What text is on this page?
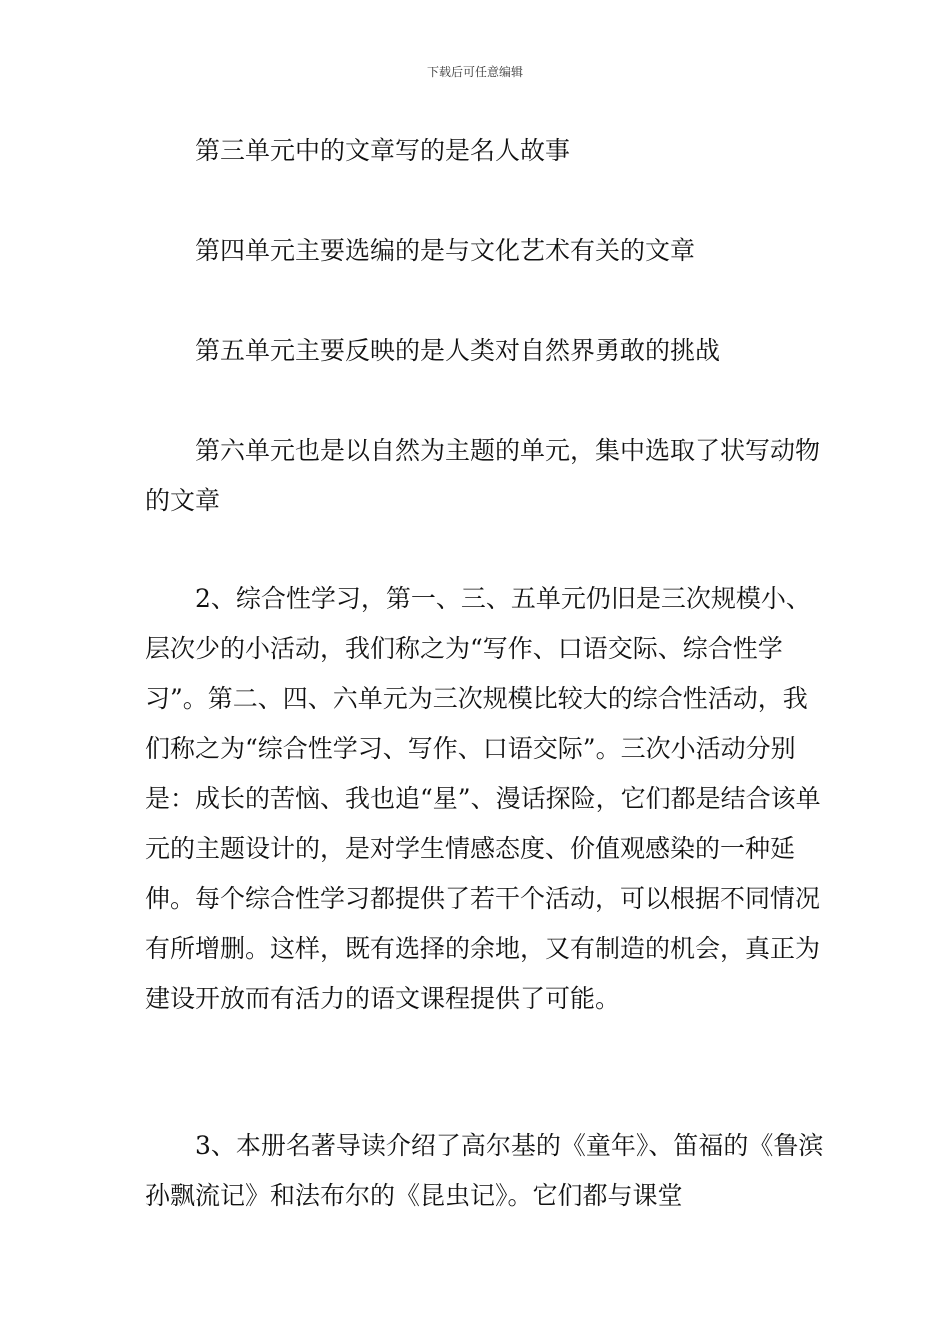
下载后可任意编辑

第三单元中的文章写的是名人故事

第四单元主要选编的是与文化艺术有关的文章

第五单元主要反映的是人类对自然界勇敢的挑战

第六单元也是以自然为主题的单元，集中选取了状写动物的文章

2、综合性学习，第一、三、五单元仍旧是三次规模小、层次少的小活动，我们称之为“写作、口语交际、综合性学习”。第二、四、六单元为三次规模比较大的综合性活动，我们称之为“综合性学习、写作、口语交际”。三次小活动分别是：成长的苦恼、我也追“星”、漫话探险，它们都是结合该单元的主题设计的，是对学生情感态度、价值观感染的一种延伸。每个综合性学习都提供了若干个活动，可以根据不同情况有所增删。这样，既有选择的余地，又有制造的机会，真正为建设开放而有活力的语文课程提供了可能。

3、本册名著导读介绍了高尔基的《童年》、笛福的《鲁滨孙飘流记》和法布尔的《昆虫记》。它们都与课堂
